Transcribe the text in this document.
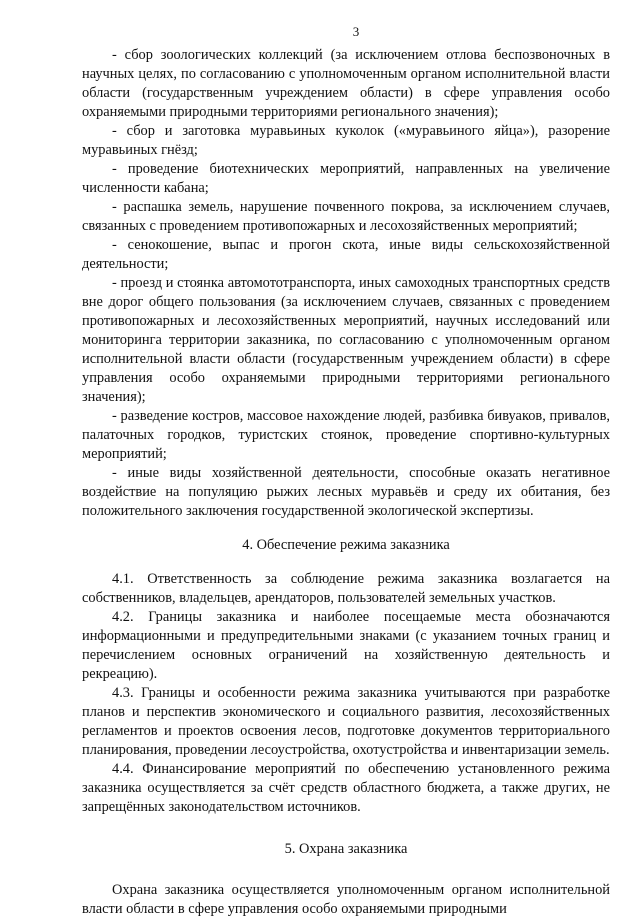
3

- сбор зоологических коллекций (за исключением отлова беспозвоночных в научных целях, по согласованию с уполномоченным органом исполнительной власти области (государственным учреждением области) в сфере управления особо охраняемыми природными территориями регионального значения);

- сбор и заготовка муравьиных куколок («муравьиного яйца»), разорение муравьиных гнёзд;

- проведение биотехнических мероприятий, направленных на увеличение численности кабана;

- распашка земель, нарушение почвенного покрова, за исключением случаев, связанных с проведением противопожарных и лесохозяйственных мероприятий;

- сенокошение, выпас и прогон скота, иные виды сельскохозяйственной деятельности;

- проезд и стоянка автомототранспорта, иных самоходных транспортных средств вне дорог общего пользования (за исключением случаев, связанных с проведением противопожарных и лесохозяйственных мероприятий, научных исследований или мониторинга территории заказника, по согласованию с уполномоченным органом исполнительной власти области (государственным учреждением области) в сфере управления особо охраняемыми природными территориями регионального значения);

- разведение костров, массовое нахождение людей, разбивка бивуаков, привалов, палаточных городков, туристских стоянок, проведение спортивно-культурных мероприятий;

- иные виды хозяйственной деятельности, способные оказать негативное воздействие на популяцию рыжих лесных муравьёв и среду их обитания, без положительного заключения государственной экологической экспертизы.

4. Обеспечение режима заказника

4.1. Ответственность за соблюдение режима заказника возлагается на собственников, владельцев, арендаторов, пользователей земельных участков.

4.2. Границы заказника и наиболее посещаемые места обозначаются информационными и предупредительными знаками (с указанием точных границ и перечислением основных ограничений на хозяйственную деятельность и рекреацию).

4.3. Границы и особенности режима заказника учитываются при разработке планов и перспектив экономического и социального развития, лесохозяйственных регламентов и проектов освоения лесов, подготовке документов территориального планирования, проведении лесоустройства, охотустройства и инвентаризации земель.

4.4. Финансирование мероприятий по обеспечению установленного режима заказника осуществляется за счёт средств областного бюджета, а также других, не запрещённых законодательством источников.

5. Охрана заказника

Охрана заказника осуществляется уполномоченным органом исполнительной власти области в сфере управления особо охраняемыми природными
